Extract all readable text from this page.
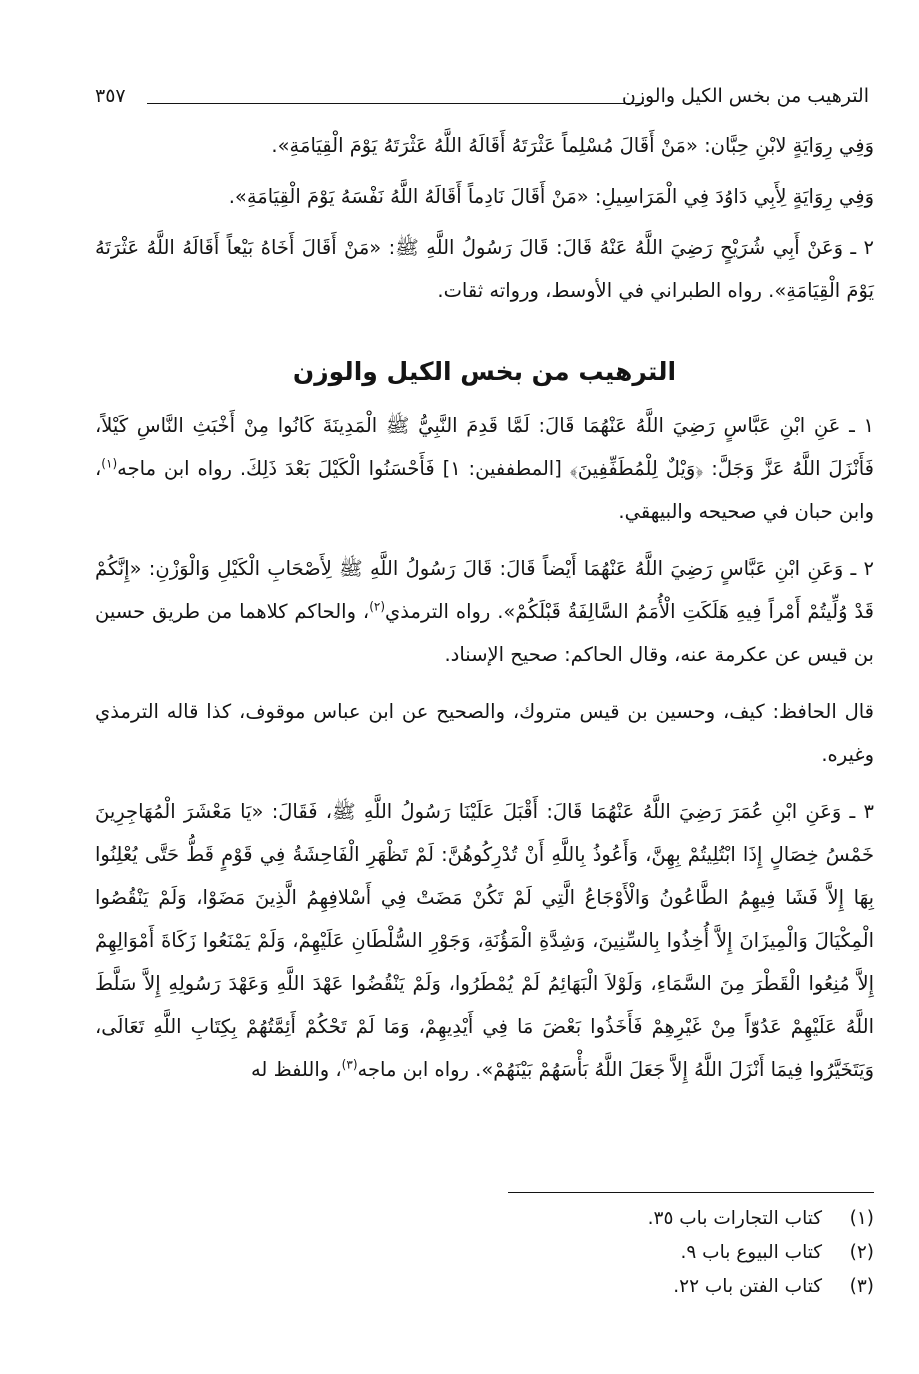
الترهيب من بخس الكيل والوزن
٣٥٧

وَفِي رِوَايَةٍ لابْنِ حِبَّان: «مَنْ أَقَالَ مُسْلِماً عَثْرَتَهُ أَقَالَهُ اللَّهُ عَثْرَتَهُ يَوْمَ الْقِيَامَةِ».

وَفِي رِوَايَةٍ لِأَبِي دَاوُدَ فِي الْمَرَاسِيلِ: «مَنْ أَقَالَ نَادِماً أَقَالَهُ اللَّهُ نَفْسَهُ يَوْمَ الْقِيَامَةِ».

٢ ـ وَعَنْ أَبِي شُرَيْحٍ رَضِيَ اللَّهُ عَنْهُ قَالَ: قَالَ رَسُولُ اللَّهِ ﷺ: «مَنْ أَقَالَ أَخَاهُ بَيْعاً أَقَالَهُ اللَّهُ عَثْرَتَهُ يَوْمَ الْقِيَامَةِ». رواه الطبراني في الأوسط، ورواته ثقات.

الترهيب من بخس الكيل والوزن

١ ـ عَنِ ابْنِ عَبَّاسٍ رَضِيَ اللَّهُ عَنْهُمَا قَالَ: لَمَّا قَدِمَ النَّبِيُّ ﷺ الْمَدِينَةَ كَانُوا مِنْ أَخْبَثِ النَّاسِ كَيْلاً، فَأَنْزَلَ اللَّهُ عَزَّ وَجَلَّ: ﴿وَيْلٌ لِلْمُطَفِّفِينَ﴾ [المطففين: ١] فَأَحْسَنُوا الْكَيْلَ بَعْدَ ذَلِكَ. رواه ابن ماجه$^{(١)}$، وابن حبان في صحيحه والبيهقي.

٢ ـ وَعَنِ ابْنِ عَبَّاسٍ رَضِيَ اللَّهُ عَنْهُمَا أَيْضاً قَالَ: قَالَ رَسُولُ اللَّهِ ﷺ لِأَصْحَابِ الْكَيْلِ وَالْوَزْنِ: «إِنَّكُمْ قَدْ وُلِّيتُمْ أَمْراً فِيهِ هَلَكَتِ الْأُمَمُ السَّالِفَةُ قَبْلَكُمْ». رواه الترمذي$^{(٢)}$، والحاكم كلاهما من طريق حسين بن قيس عن عكرمة عنه، وقال الحاكم: صحيح الإسناد.

قال الحافظ: كيف، وحسين بن قيس متروك، والصحيح عن ابن عباس موقوف، كذا قاله الترمذي وغيره.

٣ ـ وَعَنِ ابْنِ عُمَرَ رَضِيَ اللَّهُ عَنْهُمَا قَالَ: أَقْبَلَ عَلَيْنَا رَسُولُ اللَّهِ ﷺ، فَقَالَ: «يَا مَعْشَرَ الْمُهَاجِرِينَ خَمْسُ خِصَالٍ إِذَا ابْتُلِيتُمْ بِهِنَّ، وَأَعُوذُ بِاللَّهِ أَنْ تُدْرِكُوهُنَّ: لَمْ تَظْهَرِ الْفَاحِشَةُ فِي قَوْمٍ قَطُّ حَتَّى يُعْلِنُوا بِهَا إِلاَّ فَشَا فِيهِمُ الطَّاعُونُ وَالْأَوْجَاعُ الَّتِي لَمْ تَكُنْ مَضَتْ فِي أَسْلافِهِمُ الَّذِينَ مَضَوْا، وَلَمْ يَنْقُصُوا الْمِكْيَالَ وَالْمِيزَانَ إِلاَّ أُخِذُوا بِالسِّنِينَ، وَشِدَّةِ الْمَؤُنَةِ، وَجَوْرِ السُّلْطَانِ عَلَيْهِمْ، وَلَمْ يَمْنَعُوا زَكَاةَ أَمْوَالِهِمْ إِلاَّ مُنِعُوا الْقَطْرَ مِنَ السَّمَاءِ، وَلَوْلاَ الْبَهَائِمُ لَمْ يُمْطَرُوا، وَلَمْ يَنْقُضُوا عَهْدَ اللَّهِ وَعَهْدَ رَسُولِهِ إِلاَّ سَلَّطَ اللَّهُ عَلَيْهِمْ عَدُوّاً مِنْ غَيْرِهِمْ فَأَخَذُوا بَعْضَ مَا فِي أَيْدِيهِمْ، وَمَا لَمْ تَحْكُمْ أَئِمَّتُهُمْ بِكِتَابِ اللَّهِ تَعَالَى، وَيَتَخَيَّرُوا فِيمَا أَنْزَلَ اللَّهُ إِلاَّ جَعَلَ اللَّهُ بَأْسَهُمْ بَيْنَهُمْ». رواه ابن ماجه$^{(٣)}$، واللفظ له

(١) كتاب التجارات باب ٣٥.
(٢) كتاب البيوع باب ٩.
(٣) كتاب الفتن باب ٢٢.
